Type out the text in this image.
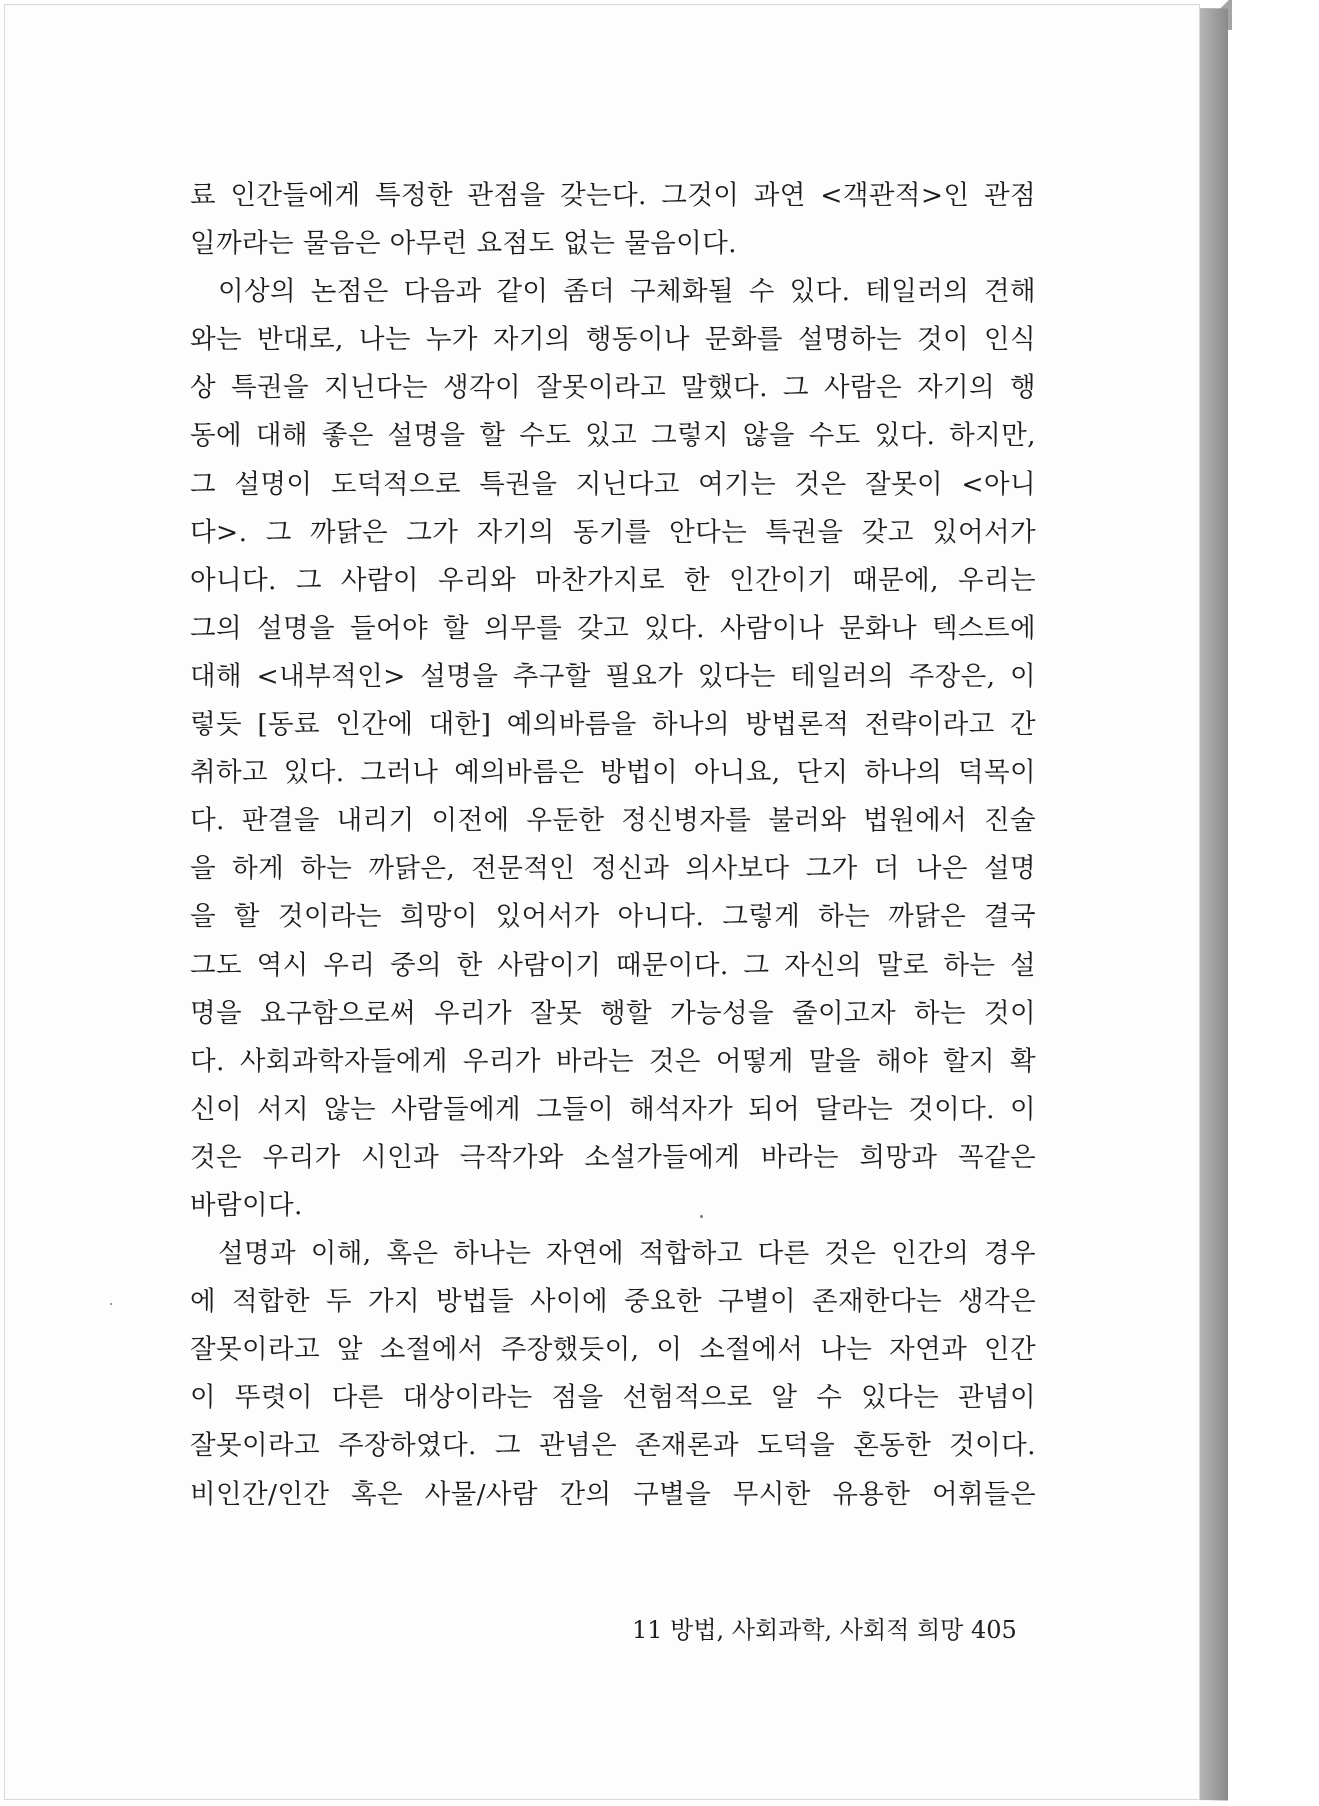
료 인간들에게 특정한 관점을 갖는다. 그것이 과연 <객관적>인 관점
일까라는 물음은 아무런 요점도 없는 물음이다.
이상의 논점은 다음과 같이 좀더 구체화될 수 있다. 테일러의 견해
와는 반대로, 나는 누가 자기의 행동이나 문화를 설명하는 것이 인식
상 특권을 지닌다는 생각이 잘못이라고 말했다. 그 사람은 자기의 행
동에 대해 좋은 설명을 할 수도 있고 그렇지 않을 수도 있다. 하지만,
그 설명이 도덕적으로 특권을 지닌다고 여기는 것은 잘못이 <아니
다>. 그 까닭은 그가 자기의 동기를 안다는 특권을 갖고 있어서가
아니다. 그 사람이 우리와 마찬가지로 한 인간이기 때문에, 우리는
그의 설명을 들어야 할 의무를 갖고 있다. 사람이나 문화나 텍스트에
대해 <내부적인> 설명을 추구할 필요가 있다는 테일러의 주장은, 이
렇듯 [동료 인간에 대한] 예의바름을 하나의 방법론적 전략이라고 간
취하고 있다. 그러나 예의바름은 방법이 아니요, 단지 하나의 덕목이
다. 판결을 내리기 이전에 우둔한 정신병자를 불러와 법원에서 진술
을 하게 하는 까닭은, 전문적인 정신과 의사보다 그가 더 나은 설명
을 할 것이라는 희망이 있어서가 아니다. 그렇게 하는 까닭은 결국
그도 역시 우리 중의 한 사람이기 때문이다. 그 자신의 말로 하는 설
명을 요구함으로써 우리가 잘못 행할 가능성을 줄이고자 하는 것이
다. 사회과학자들에게 우리가 바라는 것은 어떻게 말을 해야 할지 확
신이 서지 않는 사람들에게 그들이 해석자가 되어 달라는 것이다. 이
것은 우리가 시인과 극작가와 소설가들에게 바라는 희망과 꼭같은
바람이다.
설명과 이해, 혹은 하나는 자연에 적합하고 다른 것은 인간의 경우
에 적합한 두 가지 방법들 사이에 중요한 구별이 존재한다는 생각은
잘못이라고 앞 소절에서 주장했듯이, 이 소절에서 나는 자연과 인간
이 뚜렷이 다른 대상이라는 점을 선험적으로 알 수 있다는 관념이
잘못이라고 주장하였다. 그 관념은 존재론과 도덕을 혼동한 것이다.
비인간/인간 혹은 사물/사람 간의 구별을 무시한 유용한 어휘들은
11 방법, 사회과학, 사회적 희망 405
